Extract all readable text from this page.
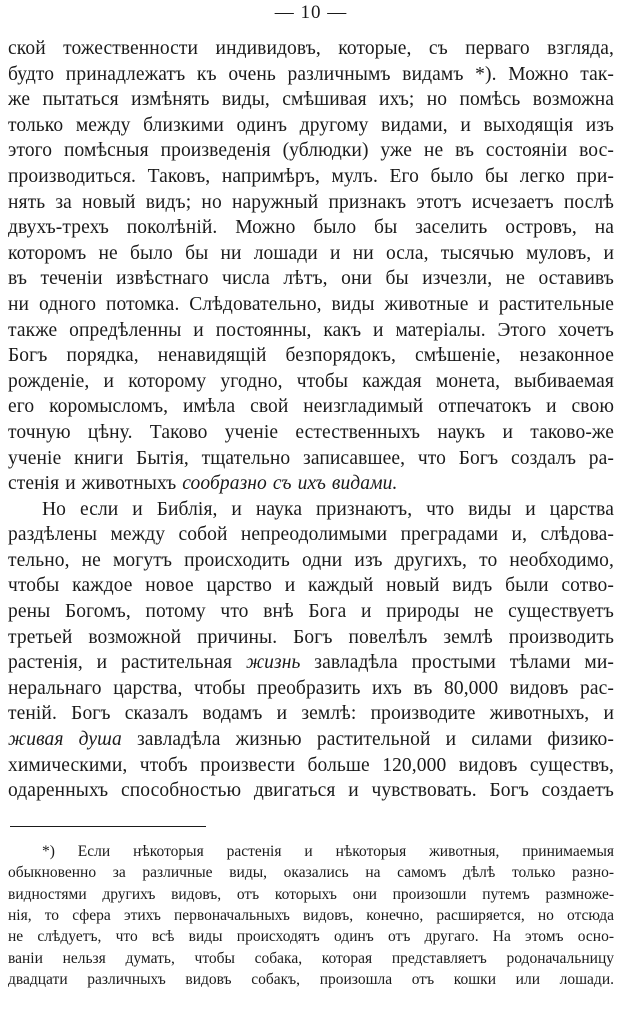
— 10 —
ской тожественности индивидовъ, которые, съ перваго взгляда,
будто принадлежатъ къ очень различнымъ видамъ *). Можно так-
же пытаться измѣнять виды, смѣшивая ихъ; но помѣсь возможна
только между близкими одинъ другому видами, и выходящія изъ
этого помѣсныя произведенія (ублюдки) уже не въ состояніи вос-
производиться. Таковъ, напримѣръ, мулъ. Его было бы легко при-
нять за новый видъ; но наружный признакъ этотъ исчезаетъ послѣ
двухъ-трехъ поколѣній. Можно было бы заселить островъ, на
которомъ не было бы ни лошади и ни осла, тысячью муловъ, и
въ теченіи извѣстнаго числа лѣтъ, они бы изчезли, не оставивъ
ни одного потомка. Слѣдовательно, виды животные и растительные
также опредѣленны и постоянны, какъ и матеріалы. Этого хочетъ
Богъ порядка, ненавидящій безпорядокъ, смѣшеніе, незаконное
рожденіе, и которому угодно, чтобы каждая монета, выбиваемая
его коромысломъ, имѣла свой неизгладимый отпечатокъ и свою
точную цѣну. Таково ученіе естественныхъ наукъ и таково-же
ученіе книги Бытія, тщательно записавшее, что Богъ создалъ ра-
стенія и животныхъ сообразно съ ихъ видами.
Но если и Библія, и наука признаютъ, что виды и царства
раздѣлены между собой непреодолимыми преградами и, слѣдова-
тельно, не могутъ происходить одни изъ другихъ, то необходимо,
чтобы каждое новое царство и каждый новый видъ были сотво-
рены Богомъ, потому что внѣ Бога и природы не существуетъ
третьей возможной причины. Богъ повелѣлъ землѣ производить
растенія, и растительная жизнь завладѣла простыми тѣлами ми-
неральнаго царства, чтобы преобразить ихъ въ 80,000 видовъ рас-
теній. Богъ сказалъ водамъ и землѣ: производите животныхъ, и
живая душа завладѣла жизнью растительной и силами физико-
химическими, чтобъ произвести больше 120,000 видовъ существъ,
одаренныхъ способностью двигаться и чувствовать. Богъ создаетъ
*) Если нѣкоторыя растенія и нѣкоторыя животныя, принимаемыя
обыкновенно за различные виды, оказались на самомъ дѣлѣ только разно-
видностями другихъ видовъ, отъ которыхъ они произошли путемъ размноже-
нія, то сфера этихъ первоначальныхъ видовъ, конечно, расширяется, но отсюда
не слѣдуетъ, что всѣ виды происходятъ одинъ отъ другаго. На этомъ осно-
ваніи нельзя думать, чтобы собака, которая представляетъ родоначальницу
двадцати различныхъ видовъ собакъ, произошла отъ кошки или лошади.
